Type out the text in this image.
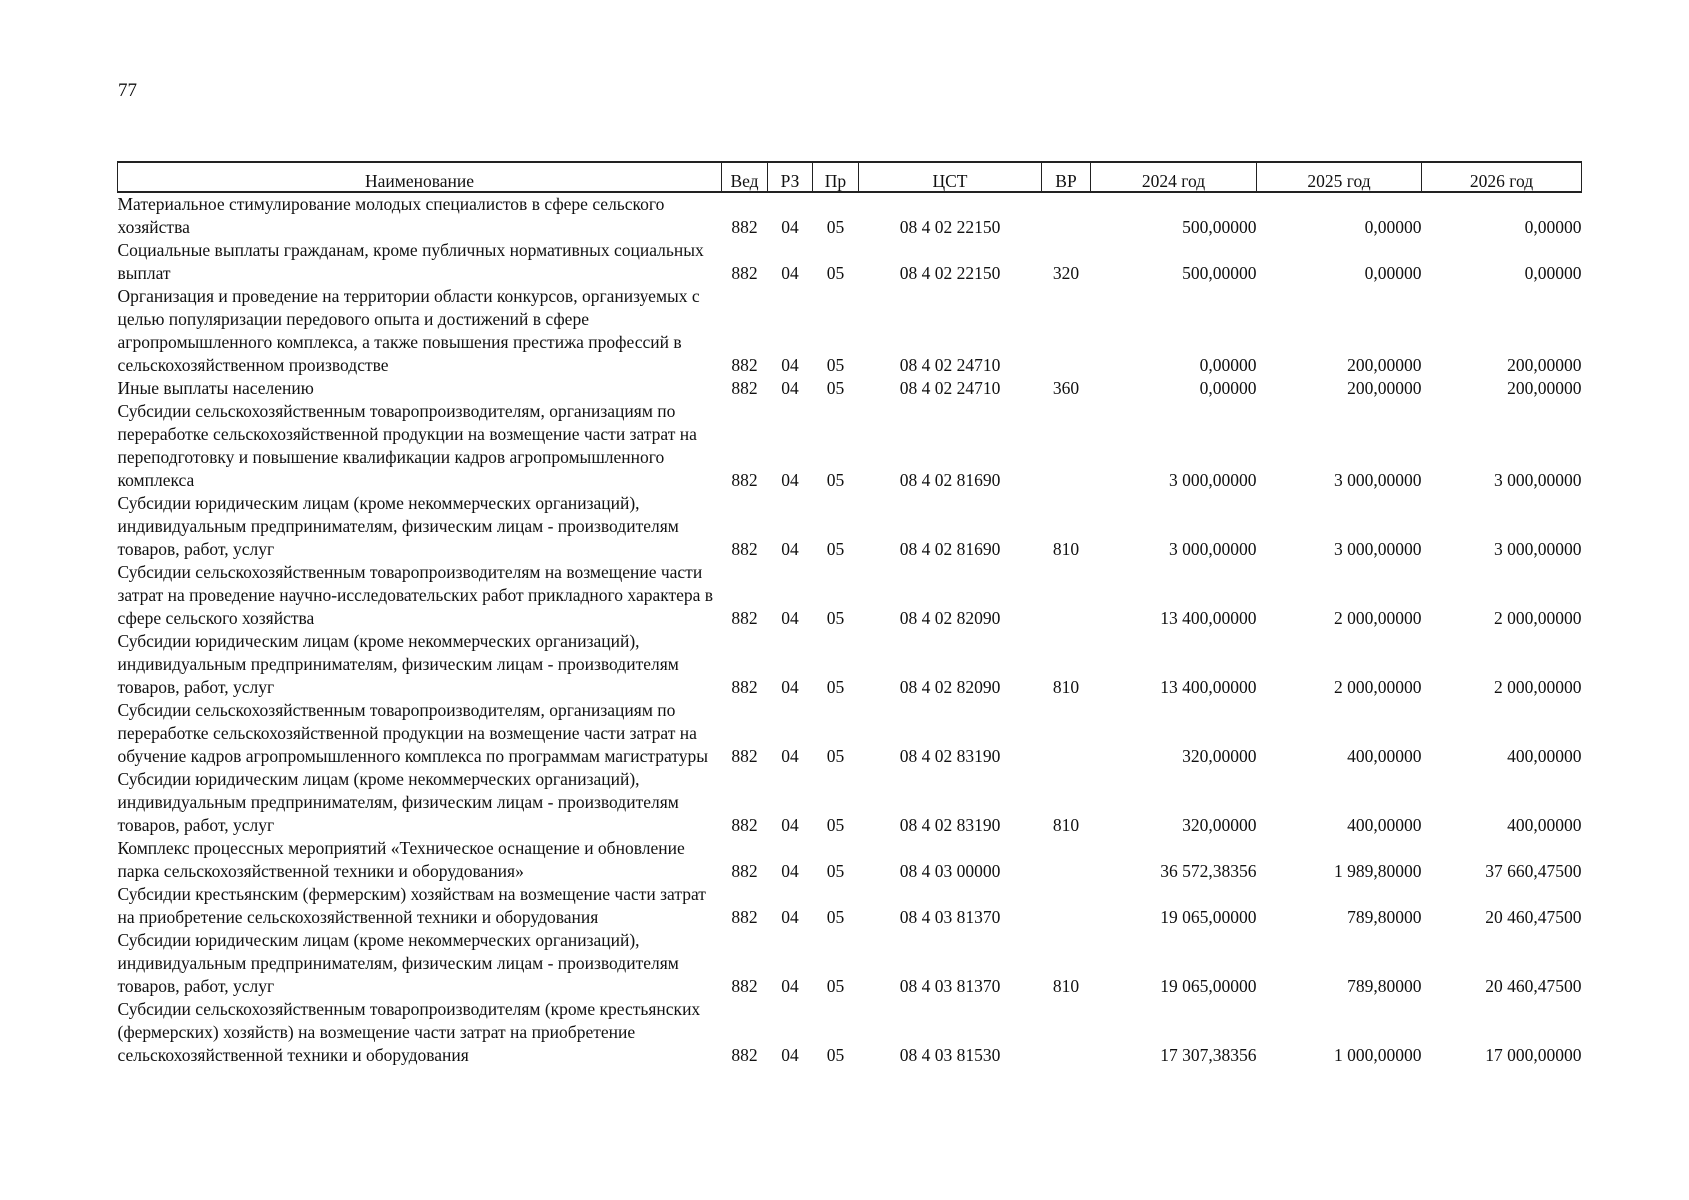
77
Наименование	Вед	РЗ	Пр	ЦСТ	ВР	2024 год	2025 год	2026 год
Материальное стимулирование молодых специалистов в сфере сельского хозяйства	882	04	05	08 4 02 22150		500,00000	0,00000	0,00000
Социальные выплаты гражданам, кроме публичных нормативных социальных выплат	882	04	05	08 4 02 22150	320	500,00000	0,00000	0,00000
Организация и проведение на территории области конкурсов, организуемых с целью популяризации передового опыта и достижений в сфере агропромышленного комплекса, а также повышения престижа профессий в сельскохозяйственном производстве	882	04	05	08 4 02 24710		0,00000	200,00000	200,00000
Иные выплаты населению	882	04	05	08 4 02 24710	360	0,00000	200,00000	200,00000
Субсидии сельскохозяйственным товаропроизводителям, организациям по переработке сельскохозяйственной продукции на возмещение части затрат на переподготовку и повышение квалификации кадров агропромышленного комплекса	882	04	05	08 4 02 81690		3 000,00000	3 000,00000	3 000,00000
Субсидии юридическим лицам (кроме некоммерческих организаций), индивидуальным предпринимателям, физическим лицам - производителям товаров, работ, услуг	882	04	05	08 4 02 81690	810	3 000,00000	3 000,00000	3 000,00000
Субсидии сельскохозяйственным товаропроизводителям на возмещение части затрат на проведение научно-исследовательских работ прикладного характера в сфере сельского хозяйства	882	04	05	08 4 02 82090		13 400,00000	2 000,00000	2 000,00000
Субсидии юридическим лицам (кроме некоммерческих организаций), индивидуальным предпринимателям, физическим лицам - производителям товаров, работ, услуг	882	04	05	08 4 02 82090	810	13 400,00000	2 000,00000	2 000,00000
Субсидии сельскохозяйственным товаропроизводителям, организациям по переработке сельскохозяйственной продукции на возмещение части затрат на обучение кадров агропромышленного комплекса по программам магистратуры	882	04	05	08 4 02 83190		320,00000	400,00000	400,00000
Субсидии юридическим лицам (кроме некоммерческих организаций), индивидуальным предпринимателям, физическим лицам - производителям товаров, работ, услуг	882	04	05	08 4 02 83190	810	320,00000	400,00000	400,00000
Комплекс процессных мероприятий «Техническое оснащение и обновление парка сельскохозяйственной техники и оборудования»	882	04	05	08 4 03 00000		36 572,38356	1 989,80000	37 660,47500
Субсидии крестьянским (фермерским) хозяйствам на возмещение части затрат на приобретение сельскохозяйственной техники и оборудования	882	04	05	08 4 03 81370		19 065,00000	789,80000	20 460,47500
Субсидии юридическим лицам (кроме некоммерческих организаций), индивидуальным предпринимателям, физическим лицам - производителям товаров, работ, услуг	882	04	05	08 4 03 81370	810	19 065,00000	789,80000	20 460,47500
Субсидии сельскохозяйственным товаропроизводителям (кроме крестьянских (фермерских) хозяйств) на возмещение части затрат на приобретение сельскохозяйственной техники и оборудования	882	04	05	08 4 03 81530		17 307,38356	1 000,00000	17 000,00000
